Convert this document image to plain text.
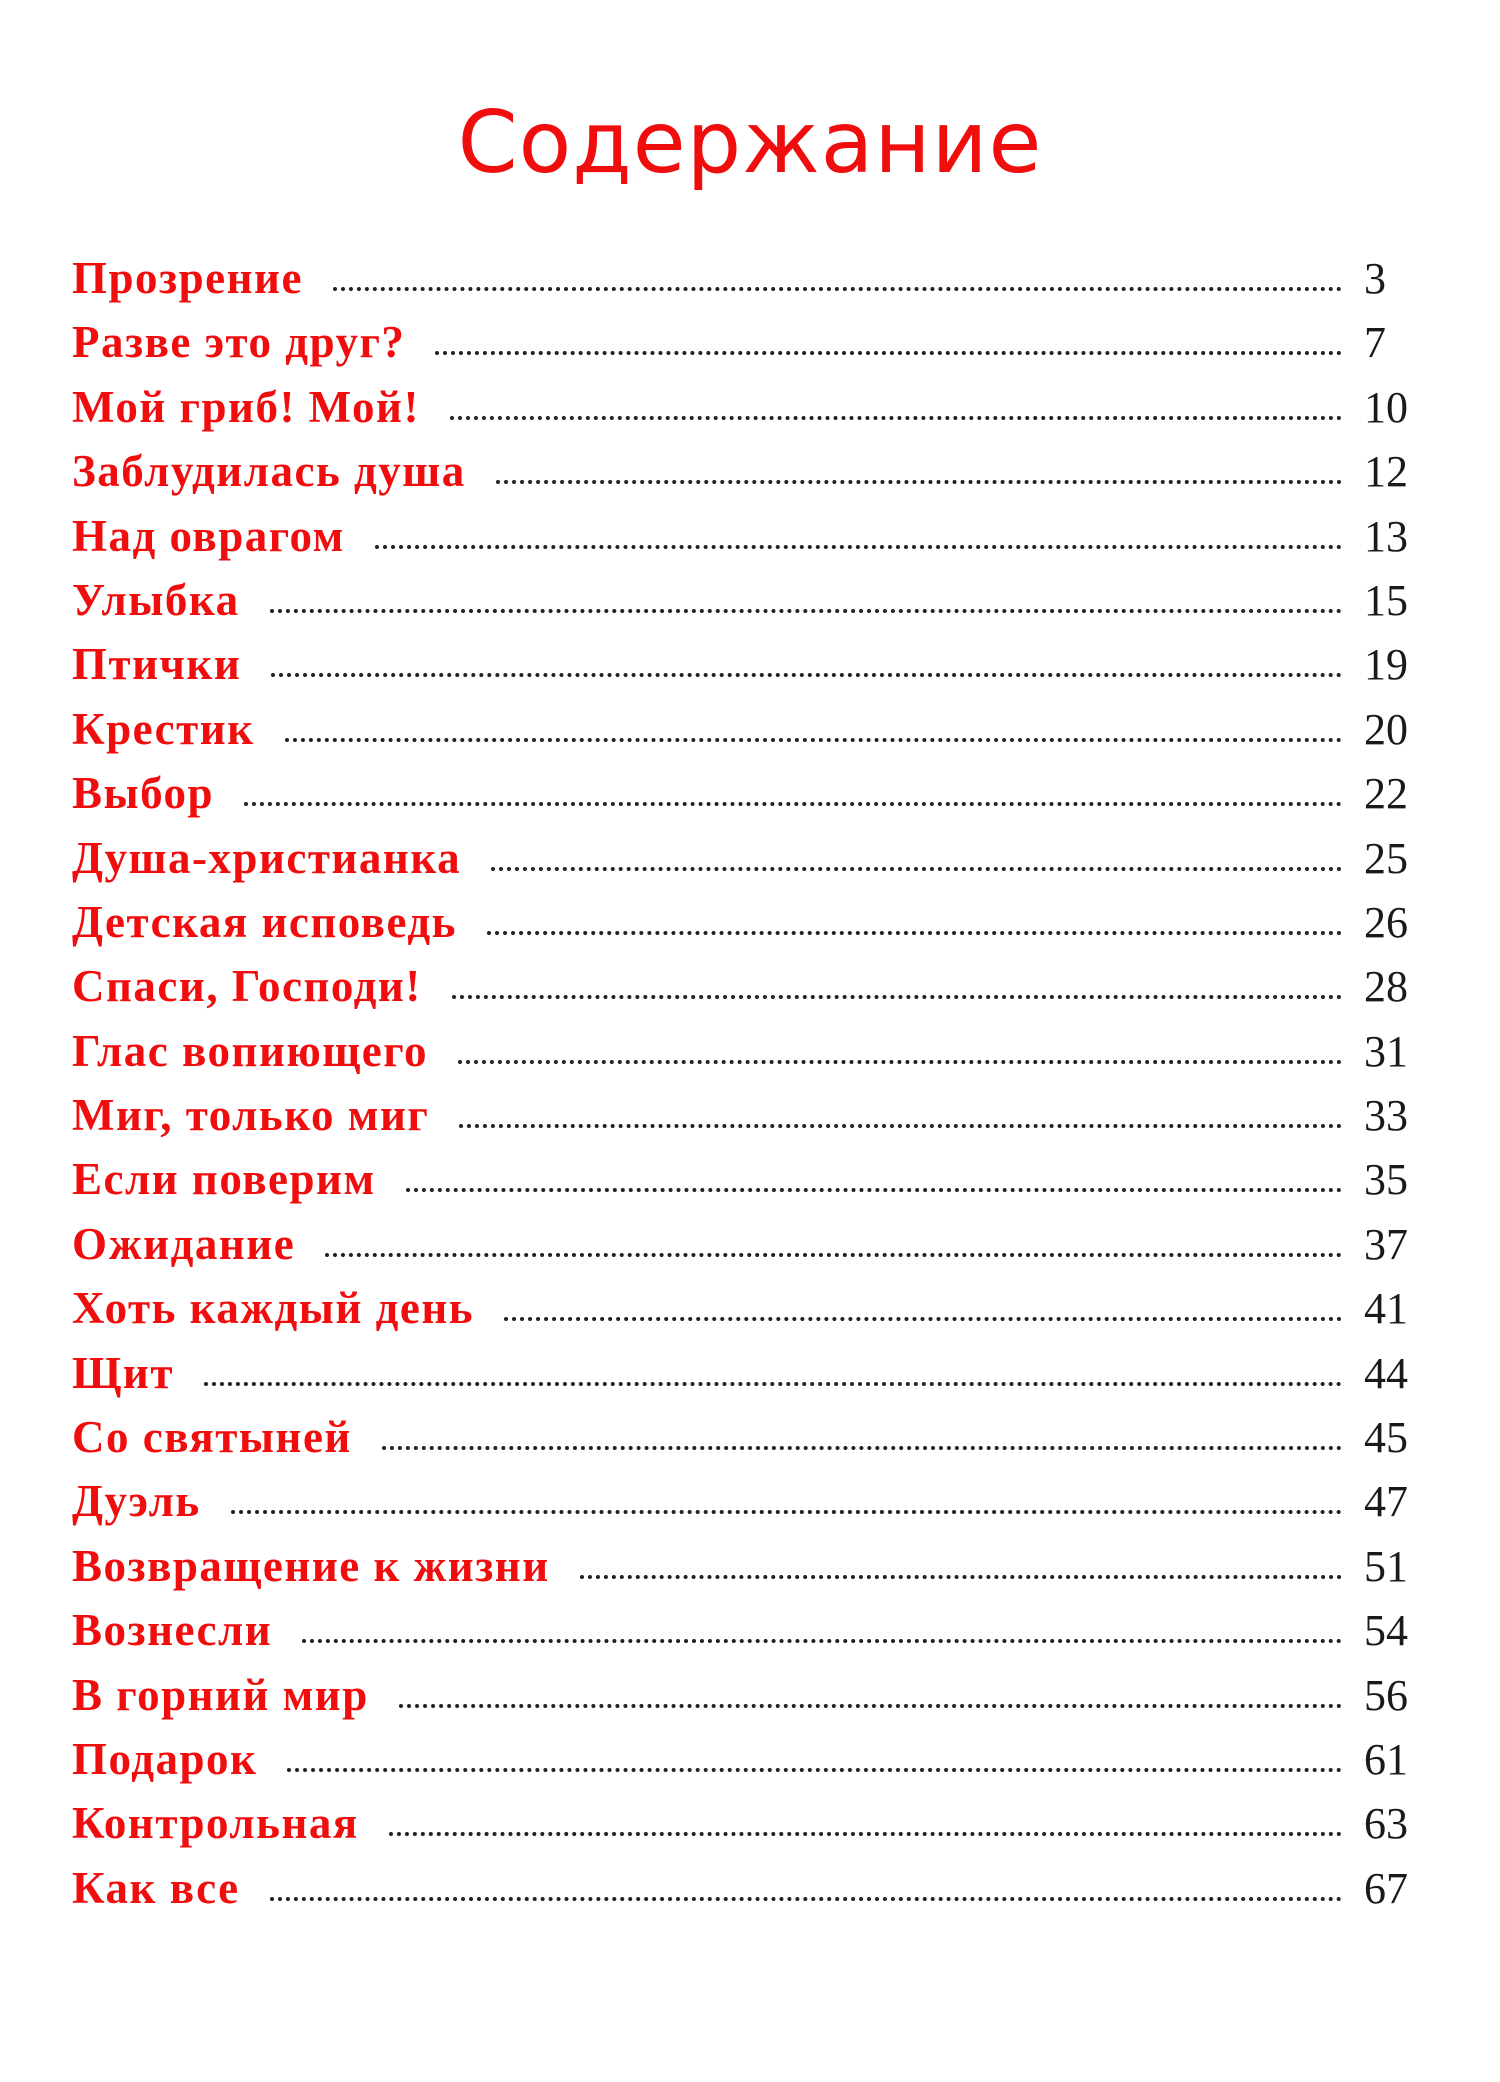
Содержание
Прозрение	3
Разве это друг?	7
Мой гриб! Мой!	10
Заблудилась душа	12
Над оврагом	13
Улыбка	15
Птички	19
Крестик	20
Выбор	22
Душа-христианка	25
Детская исповедь	26
Спаси, Господи!	28
Глас вопиющего	31
Миг, только миг	33
Если поверим	35
Ожидание	37
Хоть каждый день	41
Щит	44
Со святыней	45
Дуэль	47
Возвращение к жизни	51
Вознесли	54
В горний мир	56
Подарок	61
Контрольная	63
Как все	67
